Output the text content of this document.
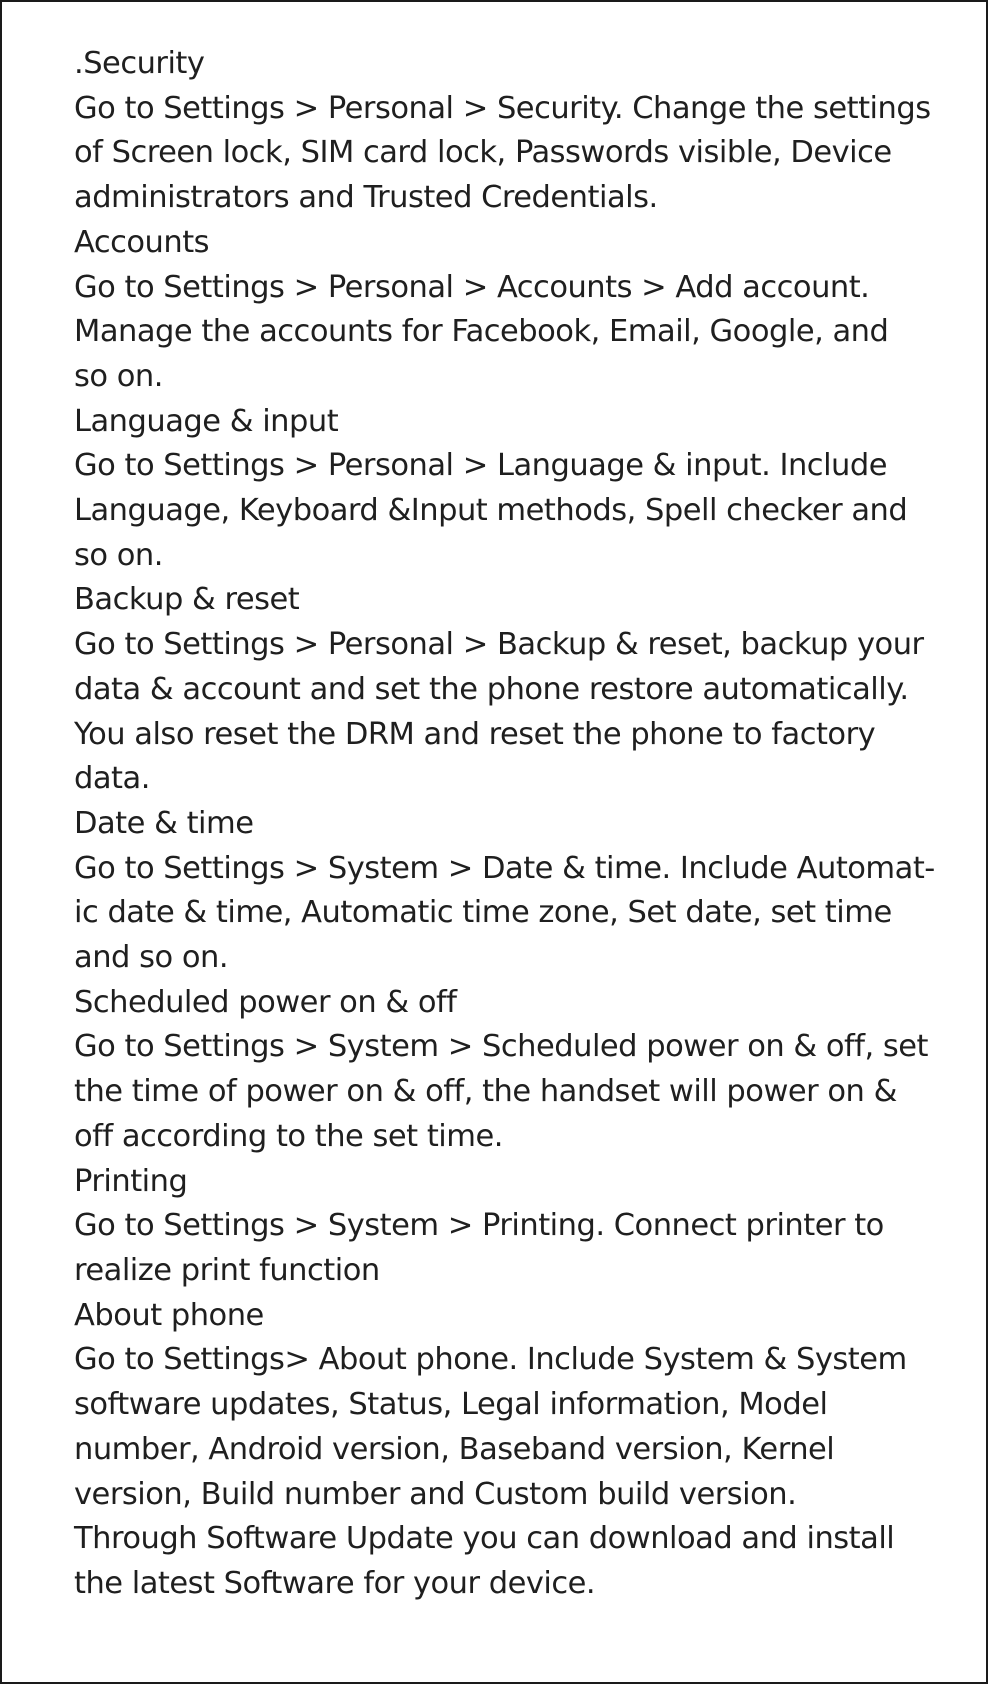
.Security
Go to Settings > Personal > Security. Change the settings
of Screen lock, SIM card lock, Passwords visible, Device
administrators and Trusted Credentials.
Accounts
Go to Settings > Personal > Accounts > Add account.
Manage the accounts for Facebook, Email, Google, and
so on.
Language & input
Go to Settings > Personal > Language & input. Include
Language, Keyboard &Input methods, Spell checker and
so on.
Backup & reset
Go to Settings > Personal > Backup & reset, backup your
data & account and set the phone restore automatically.
You also reset the DRM and reset the phone to factory
data.
Date & time
Go to Settings > System > Date & time. Include Automat-
ic date & time, Automatic time zone, Set date, set time
and so on.
Scheduled power on & off
Go to Settings > System > Scheduled power on & off, set
the time of power on & off, the handset will power on &
off according to the set time.
Printing
Go to Settings > System > Printing. Connect printer to
realize print function
About phone
Go to Settings> About phone. Include System & System
software updates, Status, Legal information, Model
number, Android version, Baseband version, Kernel
version, Build number and Custom build version.
Through Software Update you can download and install
the latest Software for your device.
